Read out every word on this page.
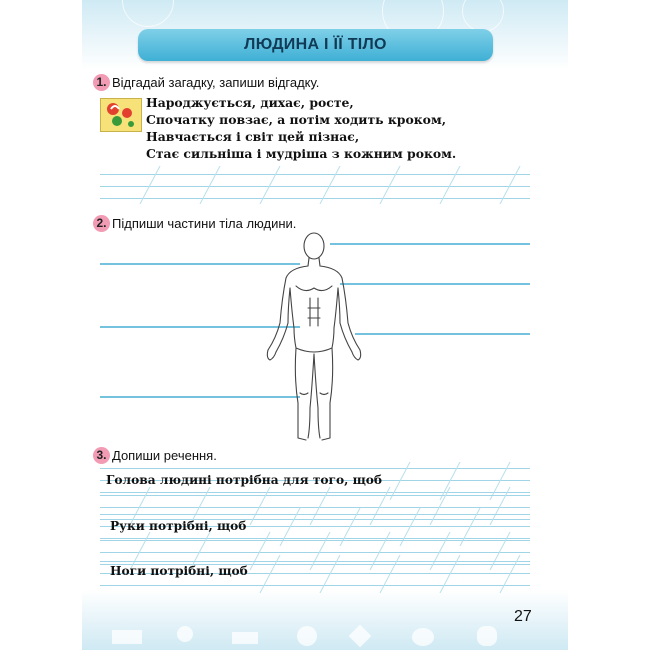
ЛЮДИНА І ЇЇ ТІЛО
1. Відгадай загадку, запиши відгадку.
Народжується, дихає, росте,
Спочатку повзає, а потім ходить кроком,
Навчається і світ цей пізнає,
Стає сильніша і мудріша з кожним роком.
2. Підпиши частини тіла людини.
3. Допиши речення.
Голова людині потрібна для того, щоб
Руки потрібні, щоб
Ноги потрібні, щоб
27
